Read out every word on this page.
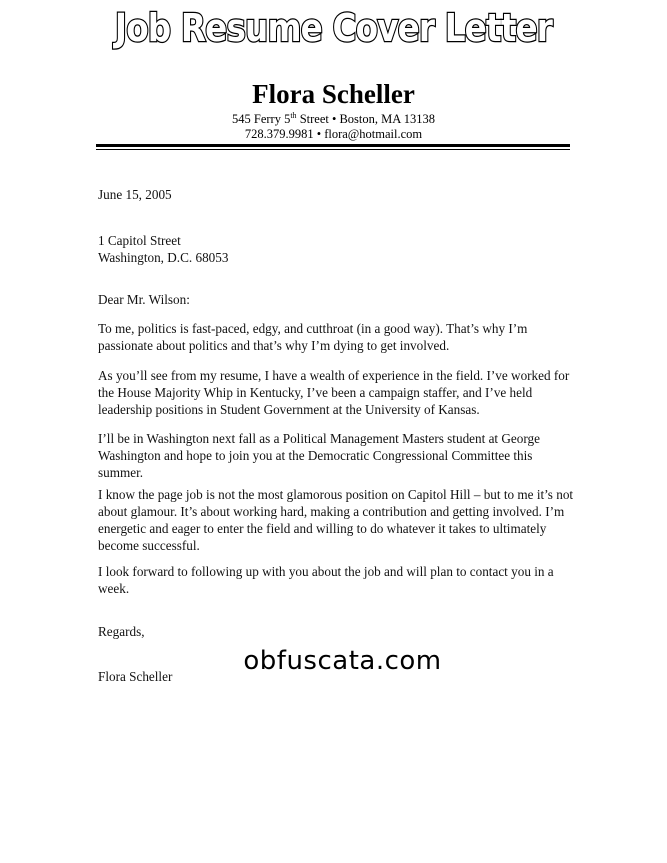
Job Resume Cover Letter
Flora Scheller
545 Ferry 5th Street • Boston, MA 13138
728.379.9981 • flora@hotmail.com
June 15, 2005

1 Capitol Street

Washington, D.C. 68053

Dear Mr. Wilson:
To me, politics is fast-paced, edgy, and cutthroat (in a good way). That’s why I’m passionate about politics and that’s why I’m dying to get involved.
As you’ll see from my resume, I have a wealth of experience in the field. I’ve worked for the House Majority Whip in Kentucky, I’ve been a campaign staffer, and I’ve held leadership positions in Student Government at the University of Kansas.
I’ll be in Washington next fall as a Political Management Masters student at George Washington and hope to join you at the Democratic Congressional Committee this summer.
I know the page job is not the most glamorous position on Capitol Hill – but to me it’s not about glamour. It’s about working hard, making a contribution and getting involved. I’m energetic and eager to enter the field and willing to do whatever it takes to ultimately become successful.
I look forward to following up with you about the job and will plan to contact you in a week.
Regards,
Flora Scheller
obfuscata.com
